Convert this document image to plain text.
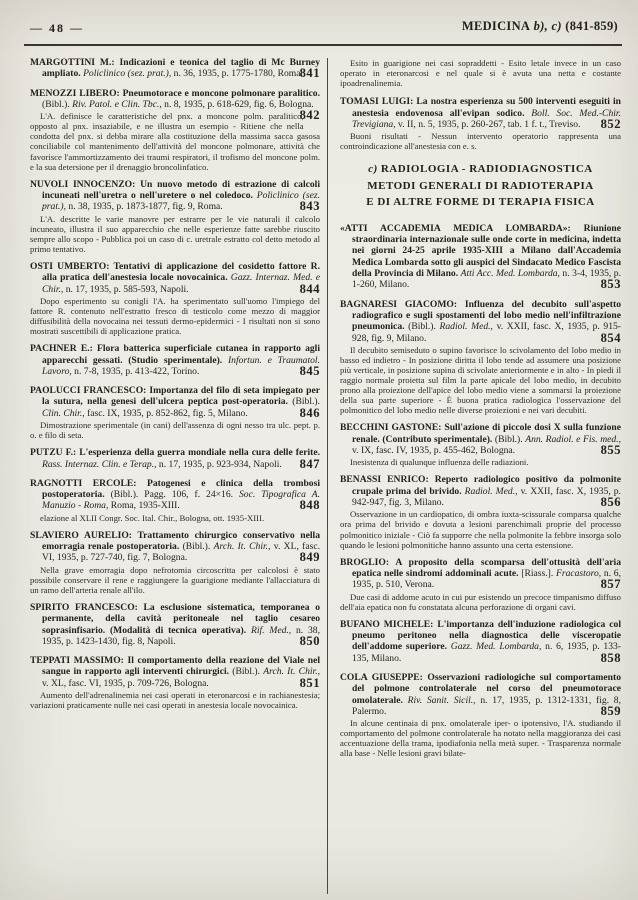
— 48 —	MEDICINA b), c) (841-859)

MARGOTTINI M.: Indicazioni e teonica del taglio di Mc Burney ampliato. Policlinico (sez. prat.), n. 36, 1935, p. 1775-1780, Roma.
841

MENOZZI LIBERO: Pneumotorace e moncone polmonare paralitico. (Bibl.). Riv. Patol. e Clin. Tbc., n. 8, 1935, p. 618-629, fig. 6, Bologna.
842

L'A. definisce le caratteristiche del pnx. a moncone polm. paralitico, opposto al pnx. insaziabile, e ne illustra un esempio - Ritiene che nella condotta del pnx. si debba mirare alla costituzione della massima sacca gasosa conciliabile col mantenimento dell'attività del moncone polmonare, attività che favorisce l'ammortizzamento dei traumi respiratori, il trofismo del moncone polm. e la sua detersione per il drenaggio broncolinfatico.

NUVOLI INNOCENZO: Un nuovo metodo di estrazione di calcoli incuneati nell'uretra o nell'uretere o nel coledoco. Policlinico (sez. prat.), n. 38, 1935, p. 1873-1877, fig. 9, Roma.	843

L'A. descritte le varie manovre per estrarre per le vie naturali il calcolo incuneato, illustra il suo apparecchio che nelle esperienze fatte sarebbe riuscito sempre allo scopo - Pubblica poi un caso di c. uretrale estratto col detto metodo al primo tentativo.

OSTI UMBERTO: Tentativi di applicazione del cosidetto fattore R. alla pratica dell'anestesia locale novocainica. Gazz. Internaz. Med. e Chir., n. 17, 1935, p. 585-593, Napoli.	844

Dopo esperimento su conigli l'A. ha sperimentato sull'uomo l'impiego del fattore R. contenuto nell'estratto fresco di testicolo come mezzo di maggior diffusibilità della novocaina nei tessuti dermo-epidermici - I risultati non si sono mostrati suscettibili di applicazione pratica.

PACHNER E.: Flora batterica superficiale cutanea in rapporto agli apparecchi gessati. (Studio sperimentale). Infortun. e Traumatol. Lavoro, n. 7-8, 1935, p. 413-422, Torino.	845

PAOLUCCI FRANCESCO: Importanza del filo di seta impiegato per la sutura, nella genesi dell'ulcera peptica post-operatoria. (Bibl.). Clin. Chir., fasc. IX, 1935, p. 852-862, fig. 5, Milano.	846

Dimostrazione sperimentale (in cani) dell'assenza di ogni nesso tra ulc. pept. p. o. e filo di seta.

PUTZU F.: L'esperienza della guerra mondiale nella cura delle ferite. Rass. Internaz. Clin. e Terap., n. 17, 1935, p. 923-934, Napoli. 847

RAGNOTTI ERCOLE: Patogenesi e clinica della trombosi postoperatoria. (Bibl.). Pagg. 106, f. 24×16. Soc. Tipografica A. Manuzio - Roma, Roma, 1935-XIII.	848

elazione al XLII Congr. Soc. Ital. Chir., Bologna, ott. 1935-XIII.

SLAVIERO AURELIO: Trattamento chirurgico conservativo nella emorragia renale postoperatoria. (Bibl.). Arch. It. Chir., v. XL, fasc. VI, 1935, p. 727-740, fig. 7, Bologna.	849

Nella grave emorragia dopo nefrotomia circoscritta per calcolosi è stato possibile conservare il rene e raggiungere la guarigione mediante l'allacciatura di un ramo dell'arteria renale all'ilo.

SPIRITO FRANCESCO: La esclusione sistematica, temporanea o permanente, della cavità peritoneale nel taglio cesareo soprasinfisario. (Modalità di tecnica operativa). Rif. Med., n. 38, 1935, p. 1423-1430, fig. 8, Napoli.	850

TEPPATI MASSIMO: Il comportamento della reazione del Viale nel sangue in rapporto agli interventi chirurgici. (Bibl.). Arch. It. Chir., v. XL, fasc. VI, 1935, p. 709-726, Bologna.	851

Aumento dell'adrenalinemia nei casi operati in eteronarcosi e in rachianestesia; variazioni praticamente nulle nei casi operati in anestesia locale novocainica.

Esito in guarigione nei casi sopraddetti - Esito letale invece in un caso operato in eteronarcosi e nel quale si è avuta una netta e costante ipoadrenalinemia.

TOMASI LUIGI: La nostra esperienza su 500 interventi eseguiti in anestesia endovenosa all'evipan sodico. Boll. Soc. Med.-Chir. Trevigiana, v. II, n. 5, 1935, p. 260-267, tab. 1 f. t., Treviso. 852

Buoni risultati - Nessun intervento operatorio rappresenta una controindicazione all'anestesia con e. s.

c) RADIOLOGIA - RADIODIAGNOSTICA
METODI GENERALI DI RADIOTERAPIA
E DI ALTRE FORME DI TERAPIA FISICA

«ATTI ACCADEMIA MEDICA LOMBARDA»: Riunione straordinaria internazionale sulle onde corte in medicina, indetta nei giorni 24-25 aprile 1935-XIII a Milano dall'Accademia Medica Lombarda sotto gli auspici del Sindacato Medico Fascista della Provincia di Milano. Atti Acc. Med. Lombarda, n. 3-4, 1935, p. 1-260, Milano.	853

BAGNARESI GIACOMO: Influenza del decubito sull'aspetto radiografico e sugli spostamenti del lobo medio nell'infiltrazione pneumonica. (Bibl.). Radiol. Med., v. XXII, fasc. X, 1935, p. 915-928, fig. 9, Milano.	854

Il decubito semiseduto o supino favorisce lo scivolamento del lobo medio in basso ed indietro - In posizione diritta il lobo tende ad assumere una posizione più verticale, in posizione supina di scivolate anteriormente e in alto - In piedi il raggio normale proietta sul film la parte apicale del lobo medio, in decubito prono alla proiezione dell'apice del lobo medio viene a sommarsi la proiezione della sua parte superiore - È buona pratica radiologica l'osservazione del polmonitico del lobo medio nelle diverse proiezioni e nei vari decubiti.

BECCHINI GASTONE: Sull'azione di piccole dosi X sulla funzione renale. (Contributo sperimentale). (Bibl.). Ann. Radiol. e Fis. med., v. IX, fasc. IV, 1935, p. 455-462, Bologna.	855

Inesistenza di qualunque influenza delle radiazioni.

BENASSI ENRICO: Reperto radiologico positivo da polmonite crupale prima del brivido. Radiol. Med., v. XXII, fasc. X, 1935, p. 942-947, fig. 3, Milano.	856

Osservazione in un cardiopatico, di ombra iuxta-scissurale comparsa qualche ora prima del brivido e dovuta a lesioni parenchimali proprie del processo polmonitico iniziale - Ciò fa supporre che nella polmonite la febbre insorga solo quando le lesioni polmonitiche hanno assunto una certa estensione.

BROGLIO: A proposito della scomparsa dell'ottusità dell'aria epatica nelle sindromi addominali acute. [Riass.]. Fracastoro, n. 6, 1935, p. 510, Verona.	857

Due casi di addome acuto in cui pur esistendo un precoce timpanismo diffuso dell'aia epatica non fu constatata alcuna perforazione di organi cavi.

BUFANO MICHELE: L'importanza dell'induzione radiologica col pneumo peritoneo nella diagnostica delle visceropatie dell'addome superiore. Gazz. Med. Lombarda, n. 6, 1935, p. 133-135, Milano.	858

COLA GIUSEPPE: Osservazioni radiologiche sul comportamento del polmone controlaterale nel corso del pneumotorace omolaterale. Riv. Sanit. Sicil., n. 17, 1935, p. 1312-1331, fig. 8, Palermo.	859

In alcune centinaia di pnx. omolaterale iper- o ipotensivo, l'A. studiando il comportamento del polmone controlaterale ha notato nella maggioranza dei casi accentuazione della trama, ipodiafonia nella metà super. - Trasparenza normale alla base - Nelle lesioni gravi bilate-
